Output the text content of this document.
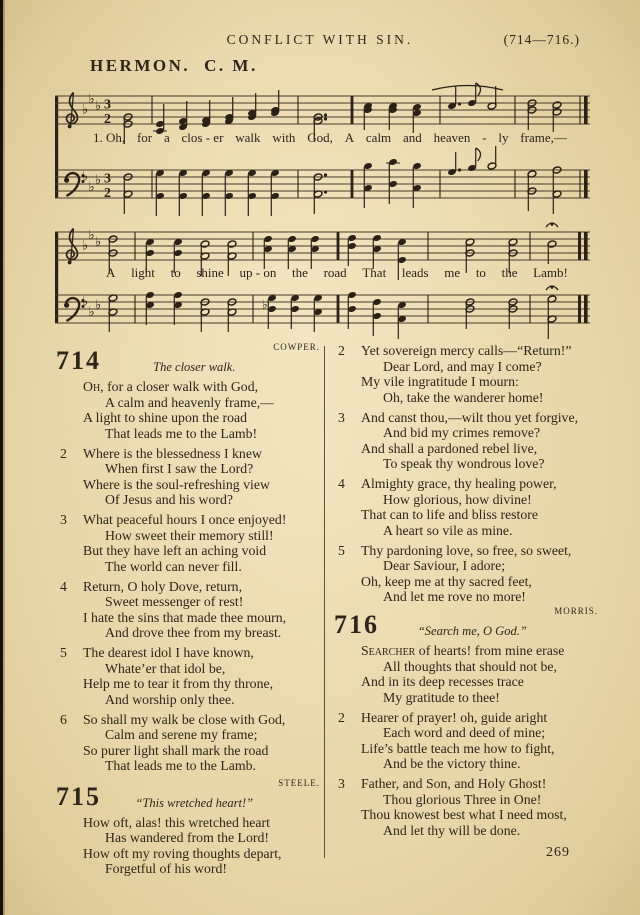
CONFLICT WITH SIN.	(714—716.)
HERMON. C. M.
♭
♭ ♭ 3
2
♭
♭ ♭ 3
2
♭
♭ ♭
♭
♭ ♭	♭
1. Oh, for a clos - er walk with God, A calm and heaven - ly frame,—
A light to shine up - on the road That leads me to the Lamb!
714	The closer walk.
COWPER.
Oh, for a closer walk with God,
A calm and heavenly frame,—
A light to shine upon the road
That leads me to the Lamb!
2 Where is the blessedness I knew
When first I saw the Lord?
Where is the soul-refreshing view
Of Jesus and his word?
3 What peaceful hours I once enjoyed!
How sweet their memory still!
But they have left an aching void
The world can never fill.
4 Return, O holy Dove, return,
Sweet messenger of rest!
I hate the sins that made thee mourn,
And drove thee from my breast.
5 The dearest idol I have known,
Whate’er that idol be,
Help me to tear it from thy throne,
And worship only thee.
6 So shall my walk be close with God,
Calm and serene my frame;
So purer light shall mark the road
That leads me to the Lamb.
715	“This wretched heart!”
STEELE.
How oft, alas! this wretched heart
Has wandered from the Lord!
How oft my roving thoughts depart,
Forgetful of his word!
2 Yet sovereign mercy calls—“Return!”
Dear Lord, and may I come?
My vile ingratitude I mourn:
Oh, take the wanderer home!
3 And canst thou,—wilt thou yet forgive,
And bid my crimes remove?
And shall a pardoned rebel live,
To speak thy wondrous love?
4 Almighty grace, thy healing power,
How glorious, how divine!
That can to life and bliss restore
A heart so vile as mine.
5 Thy pardoning love, so free, so sweet,
Dear Saviour, I adore;
Oh, keep me at thy sacred feet,
And let me rove no more!
716	“Search me, O God.”
MORRIS.
Searcher of hearts! from mine erase
All thoughts that should not be,
And in its deep recesses trace
My gratitude to thee!
2 Hearer of prayer! oh, guide aright
Each word and deed of mine;
Life’s battle teach me how to fight,
And be the victory thine.
3 Father, and Son, and Holy Ghost!
Thou glorious Three in One!
Thou knowest best what I need most,
And let thy will be done.
269
